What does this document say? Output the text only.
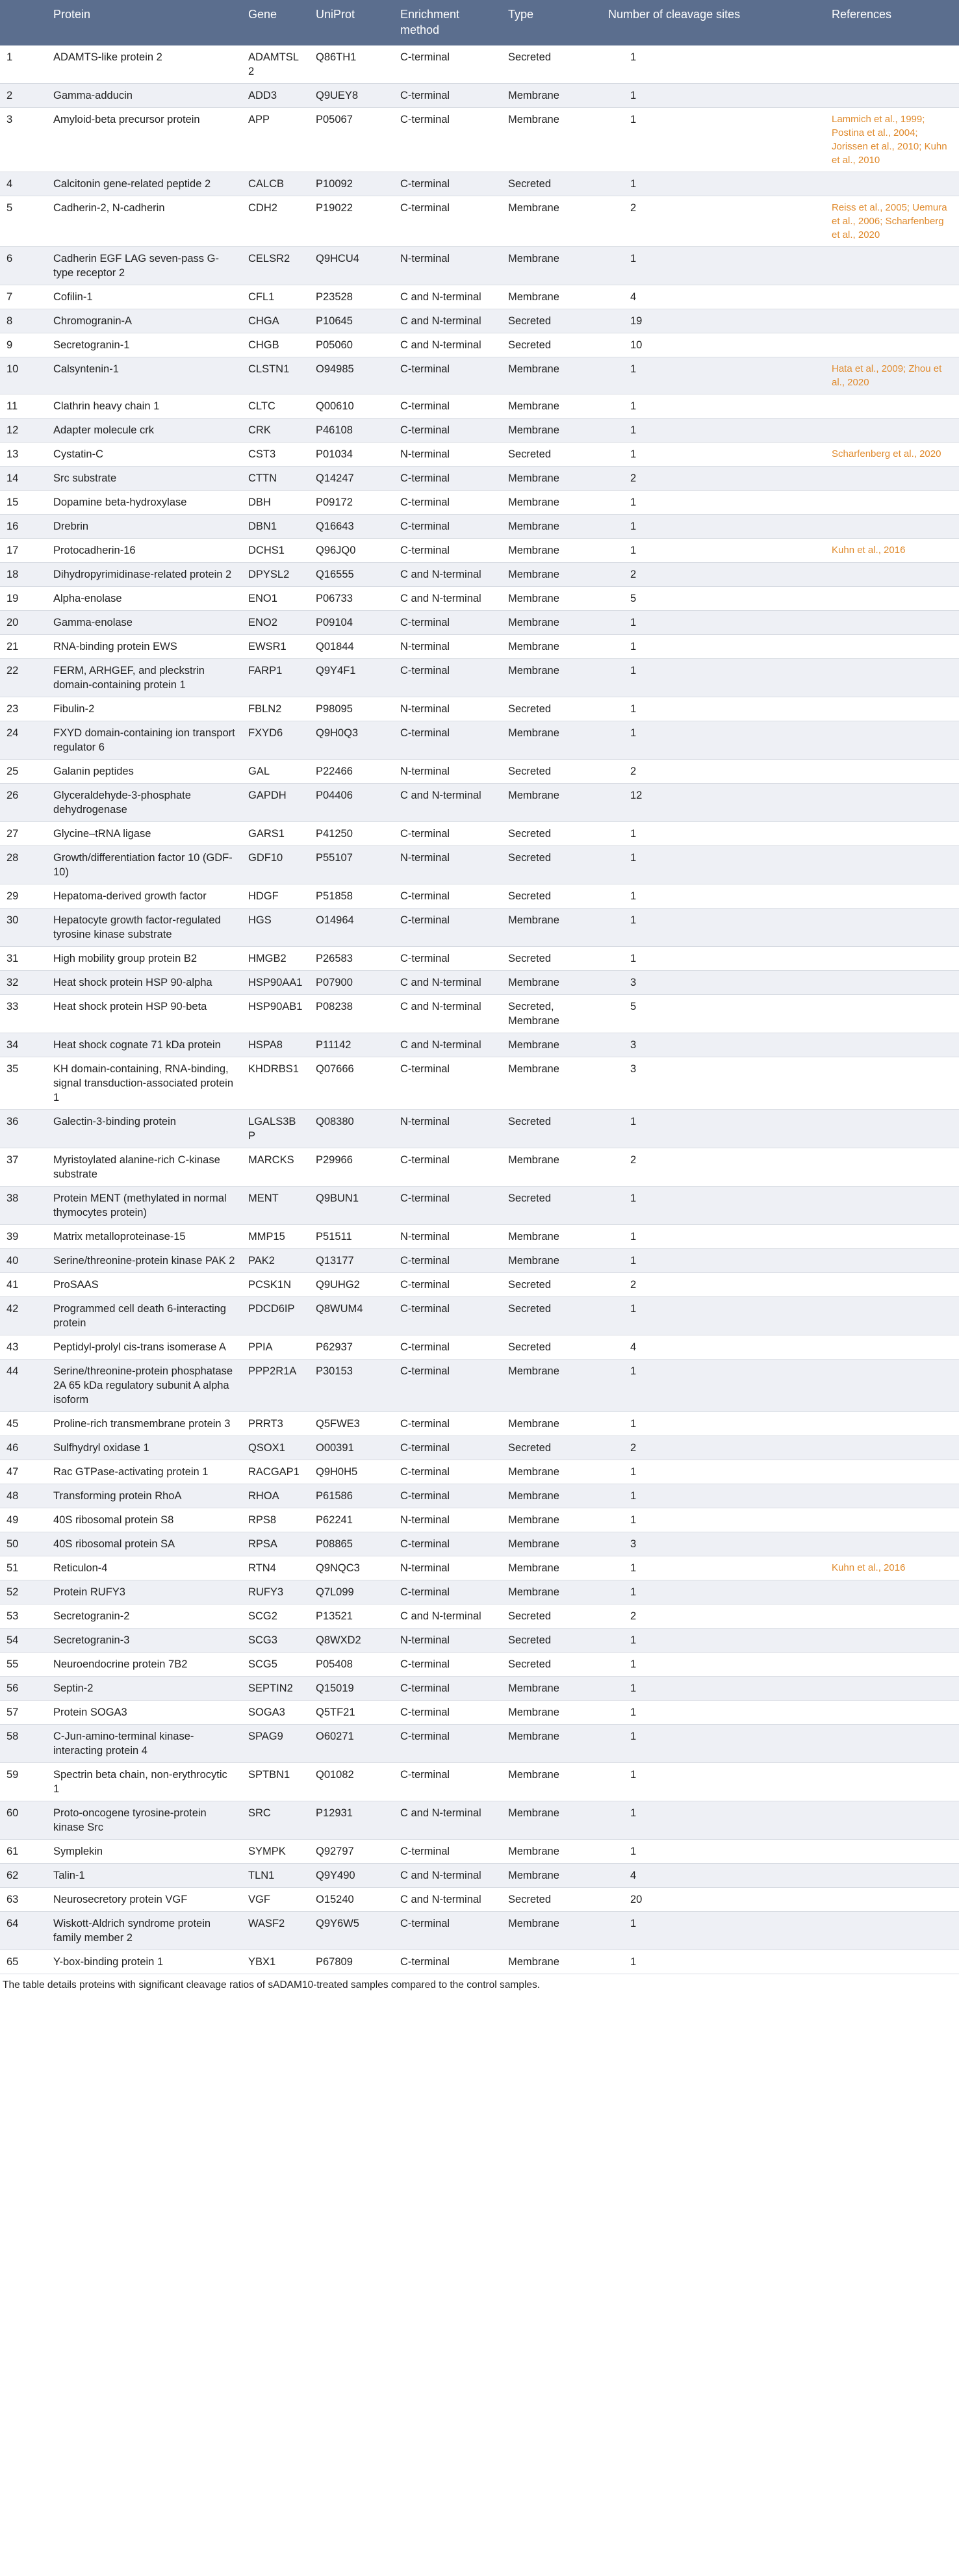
	Protein	Gene	UniProt	Enrichment method	Type	Number of cleavage sites	References
1	ADAMTS-like protein 2	ADAMTSL2	Q86TH1	C-terminal	Secreted	1	
2	Gamma-adducin	ADD3	Q9UEY8	C-terminal	Membrane	1	
3	Amyloid-beta precursor protein	APP	P05067	C-terminal	Membrane	1	Lammich et al., 1999; Postina et al., 2004; Jorissen et al., 2010; Kuhn et al., 2010
4	Calcitonin gene-related peptide 2	CALCB	P10092	C-terminal	Secreted	1	
5	Cadherin-2, N-cadherin	CDH2	P19022	C-terminal	Membrane	2	Reiss et al., 2005; Uemura et al., 2006; Scharfenberg et al., 2020
6	Cadherin EGF LAG seven-pass G-type receptor 2	CELSR2	Q9HCU4	N-terminal	Membrane	1	
7	Cofilin-1	CFL1	P23528	C and N-terminal	Membrane	4	
8	Chromogranin-A	CHGA	P10645	C and N-terminal	Secreted	19	
9	Secretogranin-1	CHGB	P05060	C and N-terminal	Secreted	10	
10	Calsyntenin-1	CLSTN1	O94985	C-terminal	Membrane	1	Hata et al., 2009; Zhou et al., 2020
11	Clathrin heavy chain 1	CLTC	Q00610	C-terminal	Membrane	1	
12	Adapter molecule crk	CRK	P46108	C-terminal	Membrane	1	
13	Cystatin-C	CST3	P01034	N-terminal	Secreted	1	Scharfenberg et al., 2020
14	Src substrate	CTTN	Q14247	C-terminal	Membrane	2	
15	Dopamine beta-hydroxylase	DBH	P09172	C-terminal	Membrane	1	
16	Drebrin	DBN1	Q16643	C-terminal	Membrane	1	
17	Protocadherin-16	DCHS1	Q96JQ0	C-terminal	Membrane	1	Kuhn et al., 2016
18	Dihydropyrimidinase-related protein 2	DPYSL2	Q16555	C and N-terminal	Membrane	2	
19	Alpha-enolase	ENO1	P06733	C and N-terminal	Membrane	5	
20	Gamma-enolase	ENO2	P09104	C-terminal	Membrane	1	
21	RNA-binding protein EWS	EWSR1	Q01844	N-terminal	Membrane	1	
22	FERM, ARHGEF, and pleckstrin domain-containing protein 1	FARP1	Q9Y4F1	C-terminal	Membrane	1	
23	Fibulin-2	FBLN2	P98095	N-terminal	Secreted	1	
24	FXYD domain-containing ion transport regulator 6	FXYD6	Q9H0Q3	C-terminal	Membrane	1	
25	Galanin peptides	GAL	P22466	N-terminal	Secreted	2	
26	Glyceraldehyde-3-phosphate dehydrogenase	GAPDH	P04406	C and N-terminal	Membrane	12	
27	Glycine–tRNA ligase	GARS1	P41250	C-terminal	Secreted	1	
28	Growth/differentiation factor 10 (GDF-10)	GDF10	P55107	N-terminal	Secreted	1	
29	Hepatoma-derived growth factor	HDGF	P51858	C-terminal	Secreted	1	
30	Hepatocyte growth factor-regulated tyrosine kinase substrate	HGS	O14964	C-terminal	Membrane	1	
31	High mobility group protein B2	HMGB2	P26583	C-terminal	Secreted	1	
32	Heat shock protein HSP 90-alpha	HSP90AA1	P07900	C and N-terminal	Membrane	3	
33	Heat shock protein HSP 90-beta	HSP90AB1	P08238	C and N-terminal	Secreted, Membrane	5	
34	Heat shock cognate 71 kDa protein	HSPA8	P11142	C and N-terminal	Membrane	3	
35	KH domain-containing, RNA-binding, signal transduction-associated protein 1	KHDRBS1	Q07666	C-terminal	Membrane	3	
36	Galectin-3-binding protein	LGALS3BP	Q08380	N-terminal	Secreted	1	
37	Myristoylated alanine-rich C-kinase substrate	MARCKS	P29966	C-terminal	Membrane	2	
38	Protein MENT (methylated in normal thymocytes protein)	MENT	Q9BUN1	C-terminal	Secreted	1	
39	Matrix metalloproteinase-15	MMP15	P51511	N-terminal	Membrane	1	
40	Serine/threonine-protein kinase PAK 2	PAK2	Q13177	C-terminal	Membrane	1	
41	ProSAAS	PCSK1N	Q9UHG2	C-terminal	Secreted	2	
42	Programmed cell death 6-interacting protein	PDCD6IP	Q8WUM4	C-terminal	Secreted	1	
43	Peptidyl-prolyl cis-trans isomerase A	PPIA	P62937	C-terminal	Secreted	4	
44	Serine/threonine-protein phosphatase 2A 65 kDa regulatory subunit A alpha isoform	PPP2R1A	P30153	C-terminal	Membrane	1	
45	Proline-rich transmembrane protein 3	PRRT3	Q5FWE3	C-terminal	Membrane	1	
46	Sulfhydryl oxidase 1	QSOX1	O00391	C-terminal	Secreted	2	
47	Rac GTPase-activating protein 1	RACGAP1	Q9H0H5	C-terminal	Membrane	1	
48	Transforming protein RhoA	RHOA	P61586	C-terminal	Membrane	1	
49	40S ribosomal protein S8	RPS8	P62241	N-terminal	Membrane	1	
50	40S ribosomal protein SA	RPSA	P08865	C-terminal	Membrane	3	
51	Reticulon-4	RTN4	Q9NQC3	N-terminal	Membrane	1	Kuhn et al., 2016
52	Protein RUFY3	RUFY3	Q7L099	C-terminal	Membrane	1	
53	Secretogranin-2	SCG2	P13521	C and N-terminal	Secreted	2	
54	Secretogranin-3	SCG3	Q8WXD2	N-terminal	Secreted	1	
55	Neuroendocrine protein 7B2	SCG5	P05408	C-terminal	Secreted	1	
56	Septin-2	SEPTIN2	Q15019	C-terminal	Membrane	1	
57	Protein SOGA3	SOGA3	Q5TF21	C-terminal	Membrane	1	
58	C-Jun-amino-terminal kinase-interacting protein 4	SPAG9	O60271	C-terminal	Membrane	1	
59	Spectrin beta chain, non-erythrocytic 1	SPTBN1	Q01082	C-terminal	Membrane	1	
60	Proto-oncogene tyrosine-protein kinase Src	SRC	P12931	C and N-terminal	Membrane	1	
61	Symplekin	SYMPK	Q92797	C-terminal	Membrane	1	
62	Talin-1	TLN1	Q9Y490	C and N-terminal	Membrane	4	
63	Neurosecretory protein VGF	VGF	O15240	C and N-terminal	Secreted	20	
64	Wiskott-Aldrich syndrome protein family member 2	WASF2	Q9Y6W5	C-terminal	Membrane	1	
65	Y-box-binding protein 1	YBX1	P67809	C-terminal	Membrane	1	
The table details proteins with significant cleavage ratios of sADAM10-treated samples compared to the control samples.
